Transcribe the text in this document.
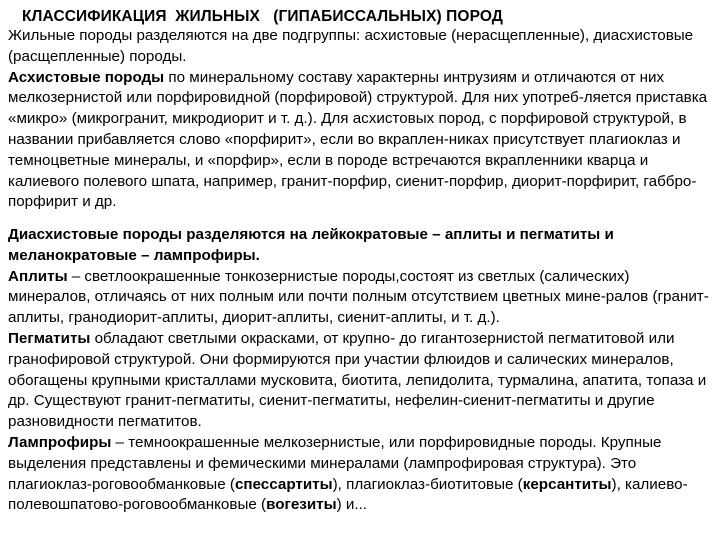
КЛАССИФИКАЦИЯ  ЖИЛЬНЫХ   (ГИПАБИССАЛЬНЫХ) ПОРОД

Жильные породы разделяются на две подгруппы: асхистовые (нерасщепленные), диасхистовые (расщепленные) породы.
Асхистовые породы по минеральному составу характерны интрузиям и отличаются от них мелкозернистой или порфировидной (порфировой) структурой. Для них употреб-ляется приставка «микро» (микрогранит, микродиорит и т. д.). Для асхистовых пород, с порфировой структурой, в названии прибавляется слово «порфирит», если во вкраплен-никах присутствует плагиоклаз и темноцветные минералы, и «порфир», если в породе встречаются вкрапленники кварца и калиевого полевого шпата, например, гранит-порфир, сиенит-порфир, диорит-порфирит, габбро-порфирит и др.

Диасхистовые породы разделяются на лейкократовые – аплиты и пегматиты и меланократовые – лампрофиры.
Аплиты – светлоокрашенные тонкозернистые породы,состоят из светлых (салических) минералов, отличаясь от них полным или почти полным отсутствием цветных мине-ралов (гранит-аплиты, гранодиорит-аплиты, диорит-аплиты, сиенит-аплиты, и т. д.).
Пегматиты обладают светлыми окрасками, от крупно- до гигантозернистой пегматитовой или гранофировой структурой. Они формируются при участии флюидов и салических минералов, обогащены крупными кристаллами мусковита, биотита, лепидолита, турмалина, апатита, топаза и др. Существуют гранит-пегматиты, сиенит-пегматиты, нефелин-сиенит-пегматиты и другие разновидности пегматитов.
Лампрофиры – темноокрашенные мелкозернистые, или порфировидные породы. Крупные выделения представлены и фемическими минералами (лампрофировая структура). Это плагиоклаз-роговообманковые (спессартиты), плагиоклаз-биотитовые (керсантиты), калиево-полевошпатово-роговообманковые (вогезиты) и...
